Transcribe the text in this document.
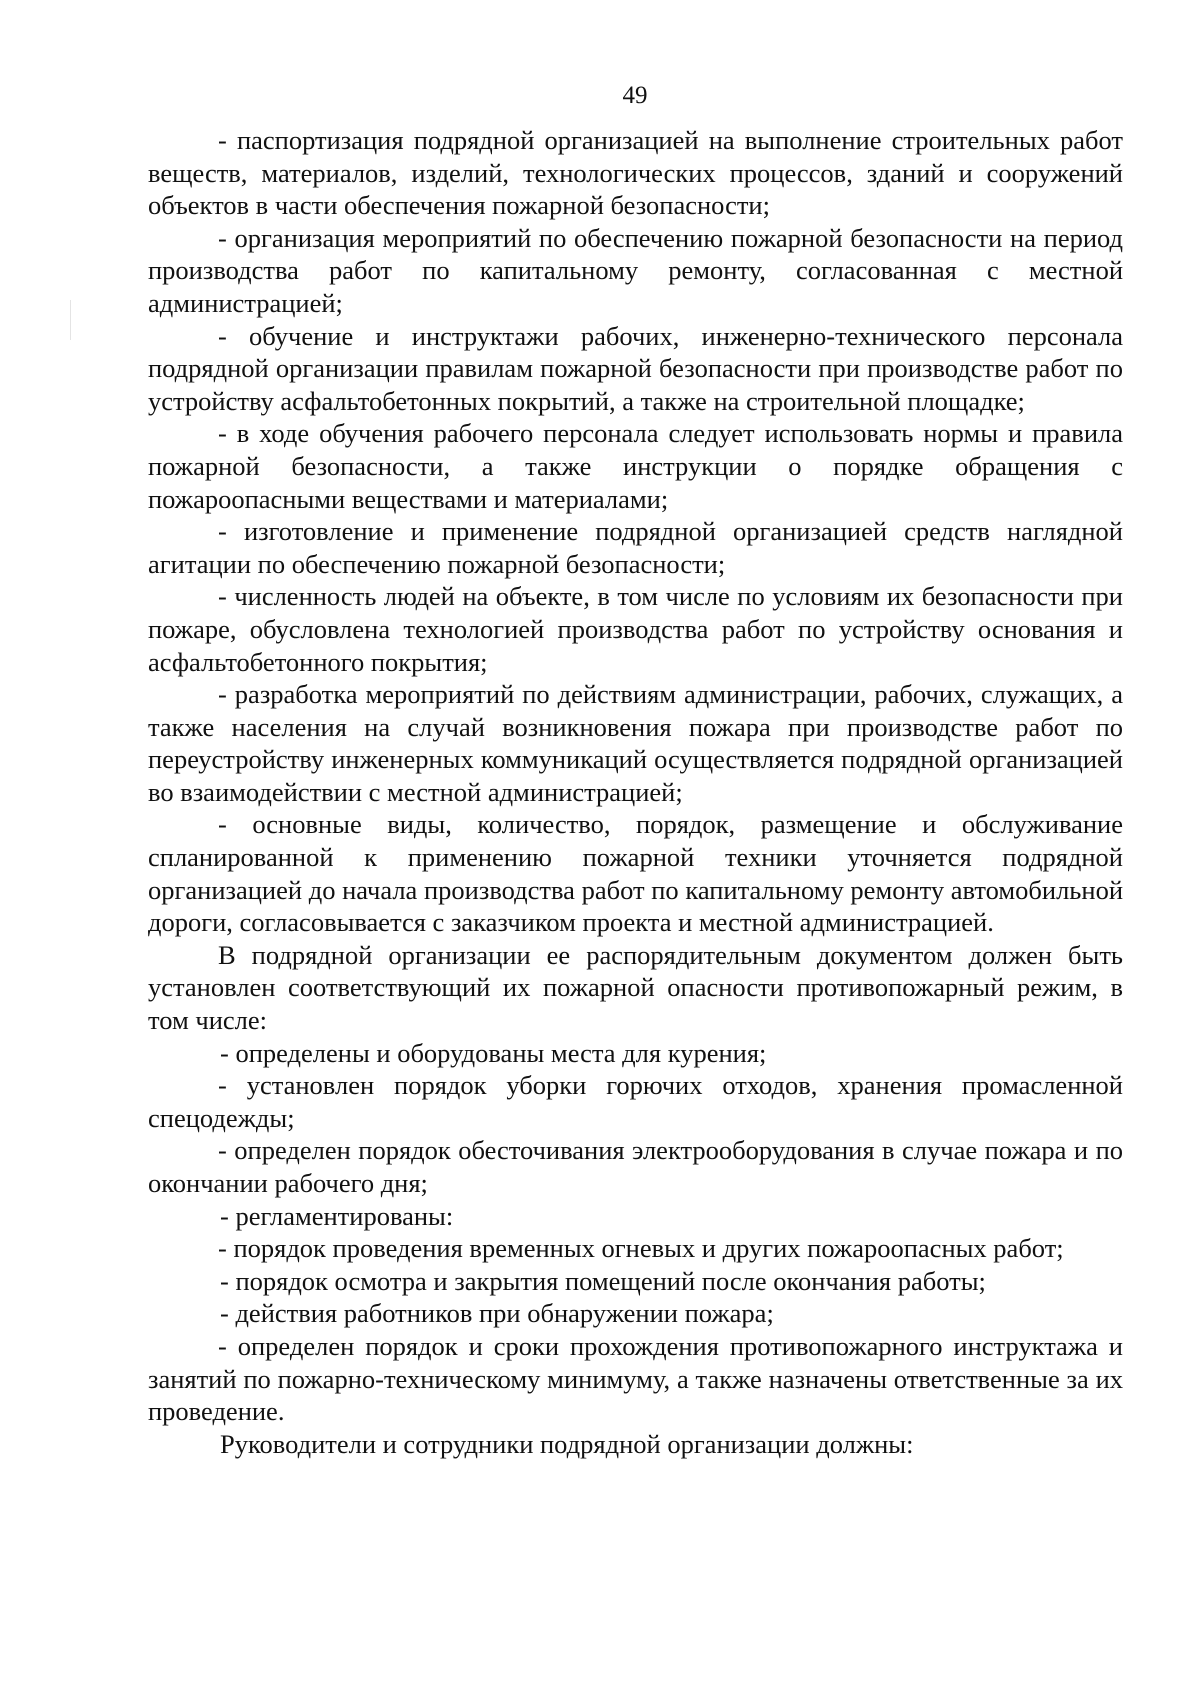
49

- паспортизация подрядной организацией на выполнение строительных работ веществ, материалов, изделий, технологических процессов, зданий и сооружений объектов в части обеспечения пожарной безопасности;

- организация мероприятий по обеспечению пожарной безопасности на период производства работ по капитальному ремонту, согласованная с местной администрацией;

- обучение и инструктажи рабочих, инженерно-технического персонала подрядной организации правилам пожарной безопасности при производстве работ по устройству асфальтобетонных покрытий, а также на строительной площадке;

- в ходе обучения рабочего персонала следует использовать нормы и правила пожарной безопасности, а также инструкции о порядке обращения с пожароопасными веществами и материалами;

- изготовление и применение подрядной организацией средств наглядной агитации по обеспечению пожарной безопасности;

- численность людей на объекте, в том числе по условиям их безопасности при пожаре, обусловлена технологией производства работ по устройству основания и асфальтобетонного покрытия;

- разработка мероприятий по действиям администрации, рабочих, служащих, а также населения на случай возникновения пожара при производстве работ по переустройству инженерных коммуникаций осуществляется подрядной организацией во взаимодействии с местной администрацией;

- основные виды, количество, порядок, размещение и обслуживание спланированной к применению пожарной техники уточняется подрядной организацией до начала производства работ по капитальному ремонту автомобильной дороги, согласовывается с заказчиком проекта и местной администрацией.

В подрядной организации ее распорядительным документом должен быть установлен соответствующий их пожарной опасности противопожарный режим, в том числе:

- определены и оборудованы места для курения;

- установлен порядок уборки горючих отходов, хранения промасленной спецодежды;

- определен порядок обесточивания электрооборудования в случае пожара и по окончании рабочего дня;

- регламентированы:

- порядок проведения временных огневых и других пожароопасных работ;

- порядок осмотра и закрытия помещений после окончания работы;

- действия работников при обнаружении пожара;

- определен порядок и сроки прохождения противопожарного инструктажа и занятий по пожарно-техническому минимуму, а также назначены ответственные за их проведение.

Руководители и сотрудники подрядной организации должны:
